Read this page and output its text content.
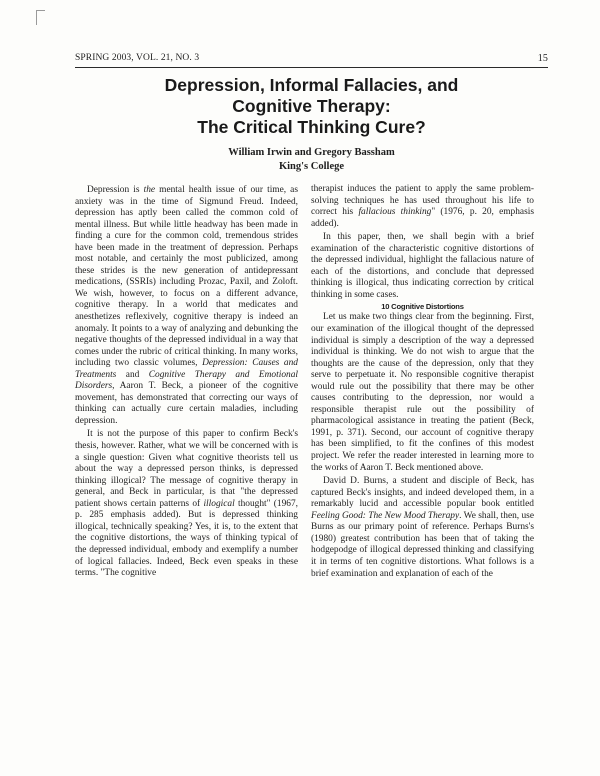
SPRING 2003, VOL. 21, NO. 3	15
Depression, Informal Fallacies, and
Cognitive Therapy:
The Critical Thinking Cure?
William Irwin and Gregory Bassham
King's College

Depression is the mental health issue of our time, as anxiety was in the time of Sigmund Freud. Indeed, depression has aptly been called the common cold of mental illness. But while little headway has been made in finding a cure for the common cold, tremendous strides have been made in the treatment of depression. Perhaps most notable, and certainly the most publicized, among these strides is the new generation of antidepressant medications, (SSRIs) including Prozac, Paxil, and Zoloft. We wish, however, to focus on a different advance, cognitive therapy. In a world that medicates and anesthetizes reflexively, cognitive therapy is indeed an anomaly. It points to a way of analyzing and debunking the negative thoughts of the depressed individual in a way that comes under the rubric of critical thinking. In many works, including two classic volumes, Depression: Causes and Treatments and Cognitive Therapy and Emotional Disorders, Aaron T. Beck, a pioneer of the cognitive movement, has demonstrated that correcting our ways of thinking can actually cure certain maladies, including depression.

It is not the purpose of this paper to confirm Beck's thesis, however. Rather, what we will be concerned with is a single question: Given what cognitive theorists tell us about the way a depressed person thinks, is depressed thinking illogical? The message of cognitive therapy in general, and Beck in particular, is that "the depressed patient shows certain patterns of illogical thought" (1967, p. 285 emphasis added). But is depressed thinking illogical, technically speaking? Yes, it is, to the extent that the cognitive distortions, the ways of thinking typical of the depressed individual, embody and exemplify a number of logical fallacies. Indeed, Beck even speaks in these terms. "The cognitive

therapist induces the patient to apply the same problem-solving techniques he has used throughout his life to correct his fallacious thinking" (1976, p. 20, emphasis added).

In this paper, then, we shall begin with a brief examination of the characteristic cognitive distortions of the depressed individual, highlight the fallacious nature of each of the distortions, and conclude that depressed thinking is illogical, thus indicating correction by critical thinking in some cases.

10 Cognitive Distortions

Let us make two things clear from the beginning. First, our examination of the illogical thought of the depressed individual is simply a description of the way a depressed individual is thinking. We do not wish to argue that the thoughts are the cause of the depression, only that they serve to perpetuate it. No responsible cognitive therapist would rule out the possibility that there may be other causes contributing to the depression, nor would a responsible therapist rule out the possibility of pharmacological assistance in treating the patient (Beck, 1991, p. 371). Second, our account of cognitive therapy has been simplified, to fit the confines of this modest project. We refer the reader interested in learning more to the works of Aaron T. Beck mentioned above.

David D. Burns, a student and disciple of Beck, has captured Beck's insights, and indeed developed them, in a remarkably lucid and accessible popular book entitled Feeling Good: The New Mood Therapy. We shall, then, use Burns as our primary point of reference. Perhaps Burns's (1980) greatest contribution has been that of taking the hodgepodge of illogical depressed thinking and classifying it in terms of ten cognitive distortions. What follows is a brief examination and explanation of each of the
